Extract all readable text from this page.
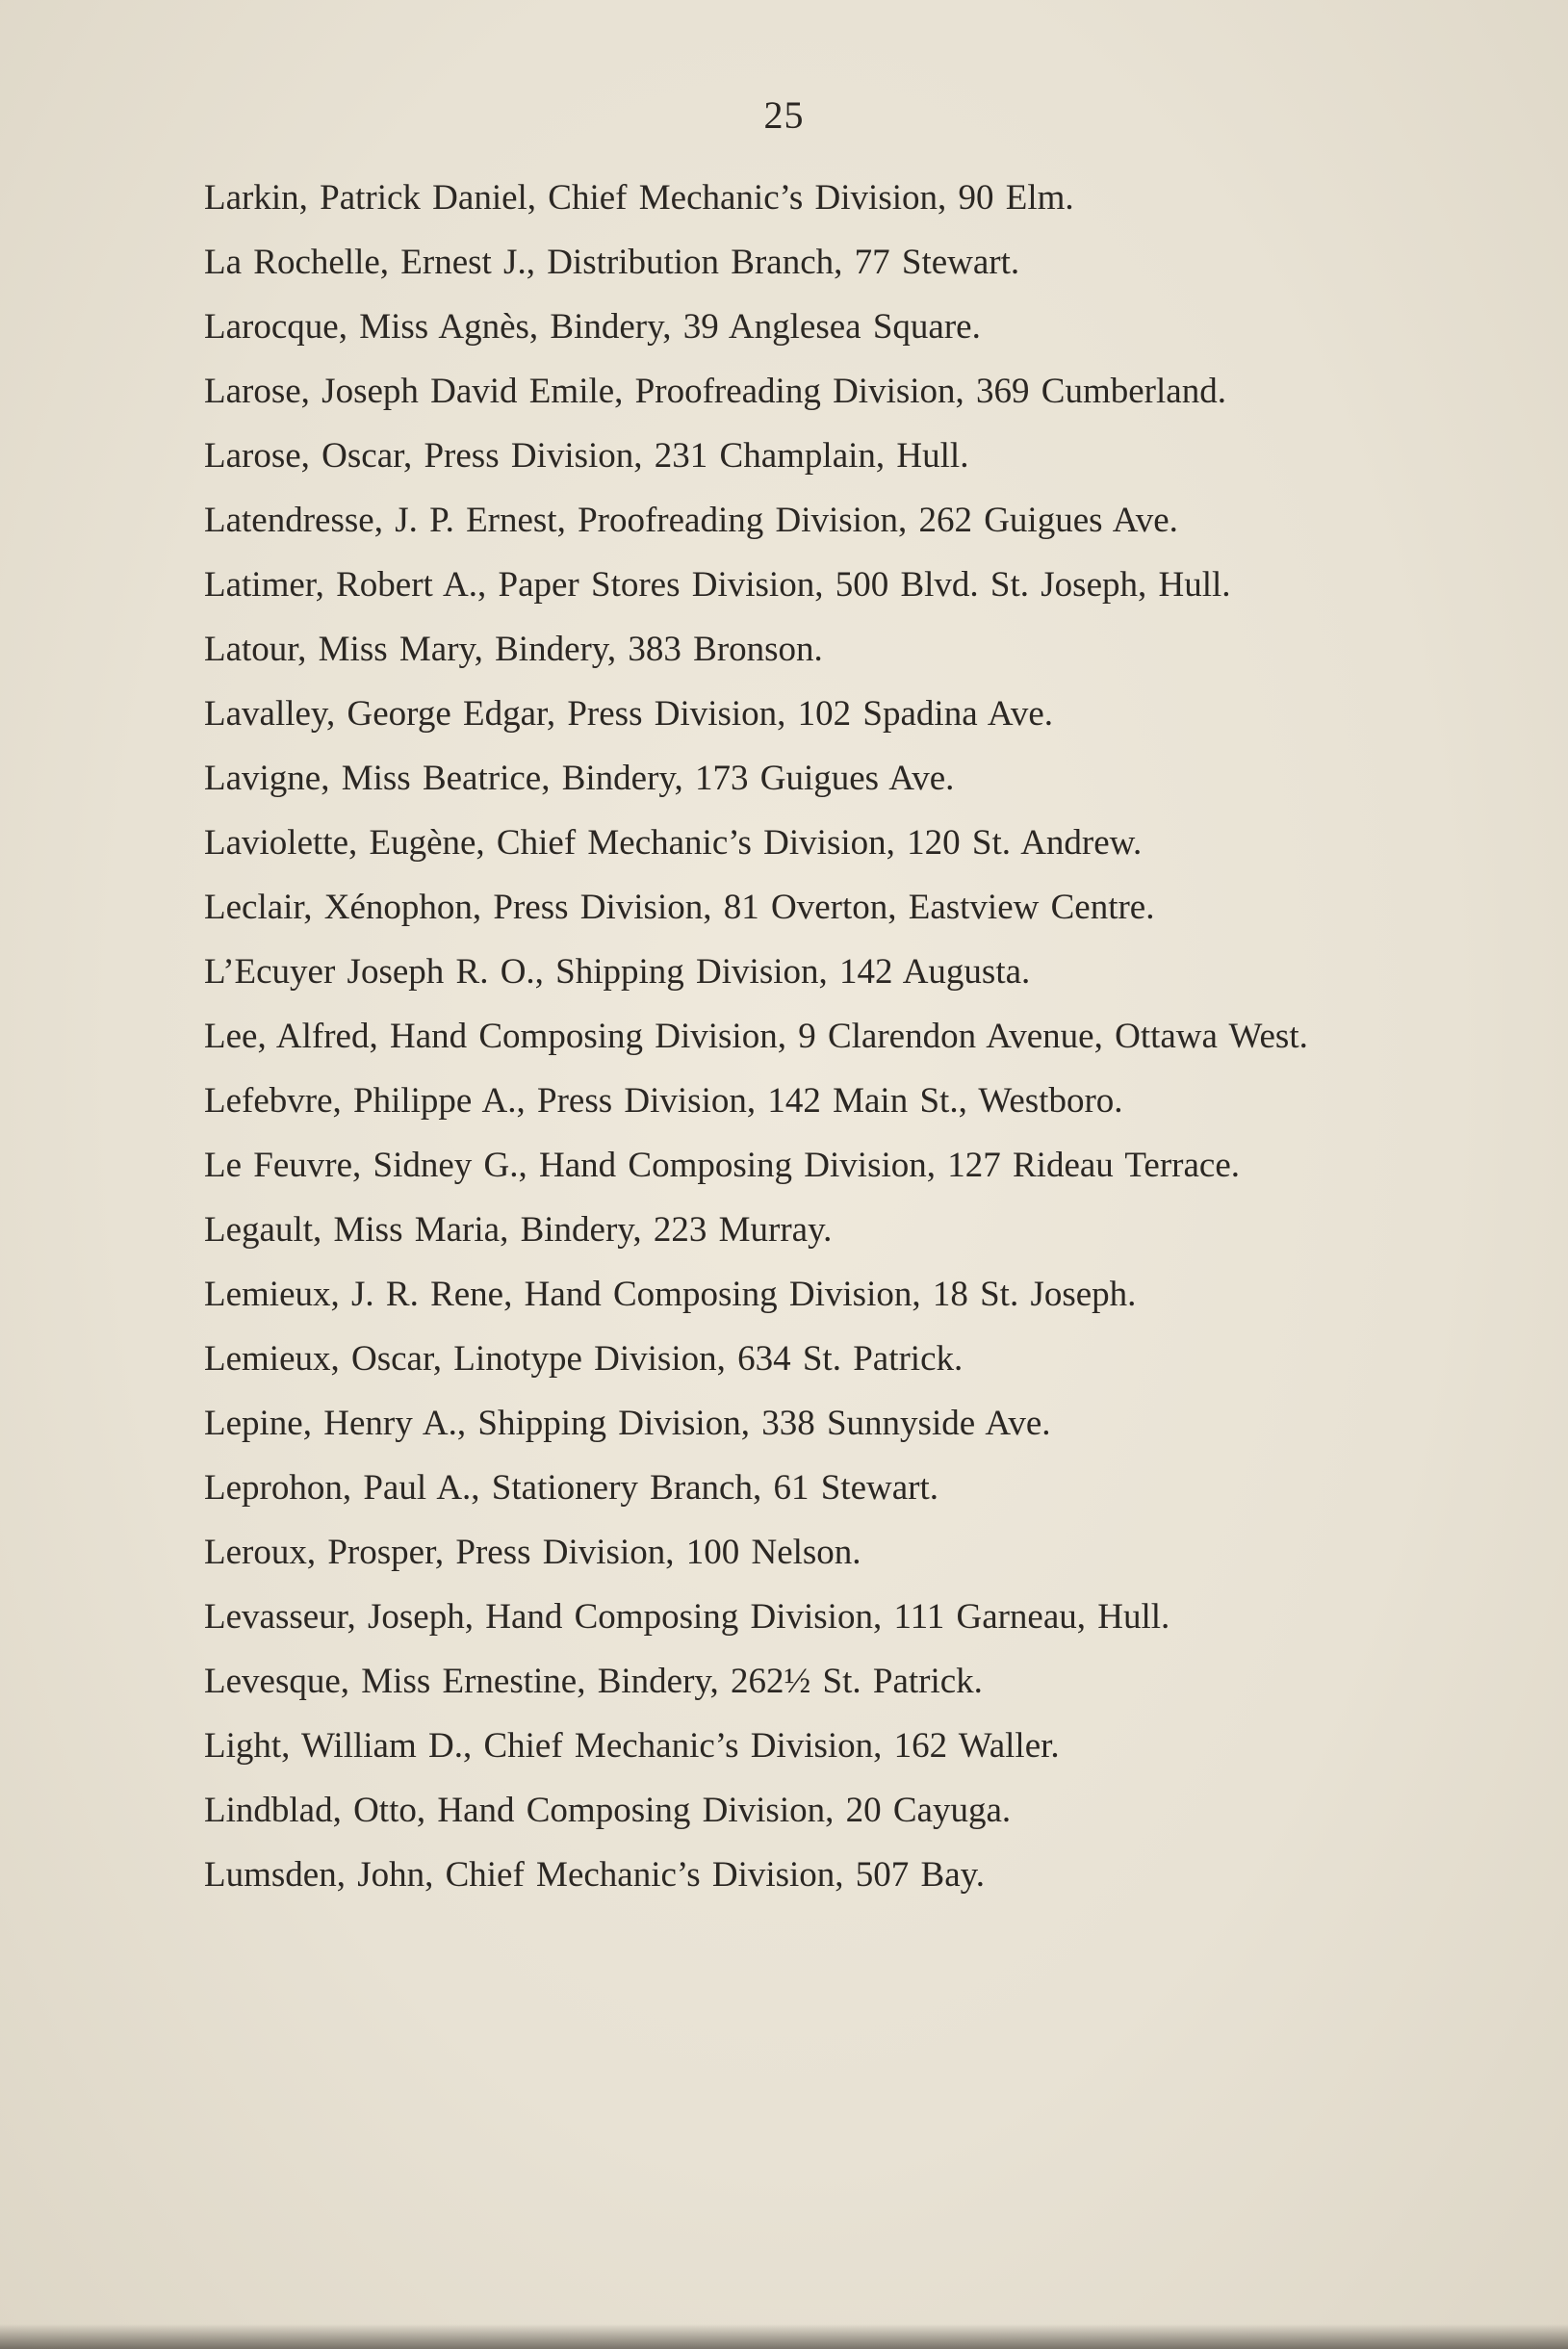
25

Larkin, Patrick Daniel, Chief Mechanic’s Division, 90 Elm.

La Rochelle, Ernest J., Distribution Branch, 77 Stewart.

Larocque, Miss Agnès, Bindery, 39 Anglesea Square.

Larose, Joseph David Emile, Proofreading Division, 369 Cumberland.

Larose, Oscar, Press Division, 231 Champlain, Hull.

Latendresse, J. P. Ernest, Proofreading Division, 262 Guigues Ave.

Latimer, Robert A., Paper Stores Division, 500 Blvd. St. Joseph, Hull.

Latour, Miss Mary, Bindery, 383 Bronson.

Lavalley, George Edgar, Press Division, 102 Spadina Ave.

Lavigne, Miss Beatrice, Bindery, 173 Guigues Ave.

Laviolette, Eugène, Chief Mechanic’s Division, 120 St. Andrew.

Leclair, Xénophon, Press Division, 81 Overton, Eastview Centre.

L’Ecuyer Joseph R. O., Shipping Division, 142 Augusta.

Lee, Alfred, Hand Composing Division, 9 Clarendon Avenue, Ottawa West.

Lefebvre, Philippe A., Press Division, 142 Main St., Westboro.

Le Feuvre, Sidney G., Hand Composing Division, 127 Rideau Terrace.

Legault, Miss Maria, Bindery, 223 Murray.

Lemieux, J. R. Rene, Hand Composing Division, 18 St. Joseph.

Lemieux, Oscar, Linotype Division, 634 St. Patrick.

Lepine, Henry A., Shipping Division, 338 Sunnyside Ave.

Leprohon, Paul A., Stationery Branch, 61 Stewart.

Leroux, Prosper, Press Division, 100 Nelson.

Levasseur, Joseph, Hand Composing Division, 111 Garneau, Hull.

Levesque, Miss Ernestine, Bindery, 262½ St. Patrick.

Light, William D., Chief Mechanic’s Division, 162 Waller.

Lindblad, Otto, Hand Composing Division, 20 Cayuga.

Lumsden, John, Chief Mechanic’s Division, 507 Bay.
